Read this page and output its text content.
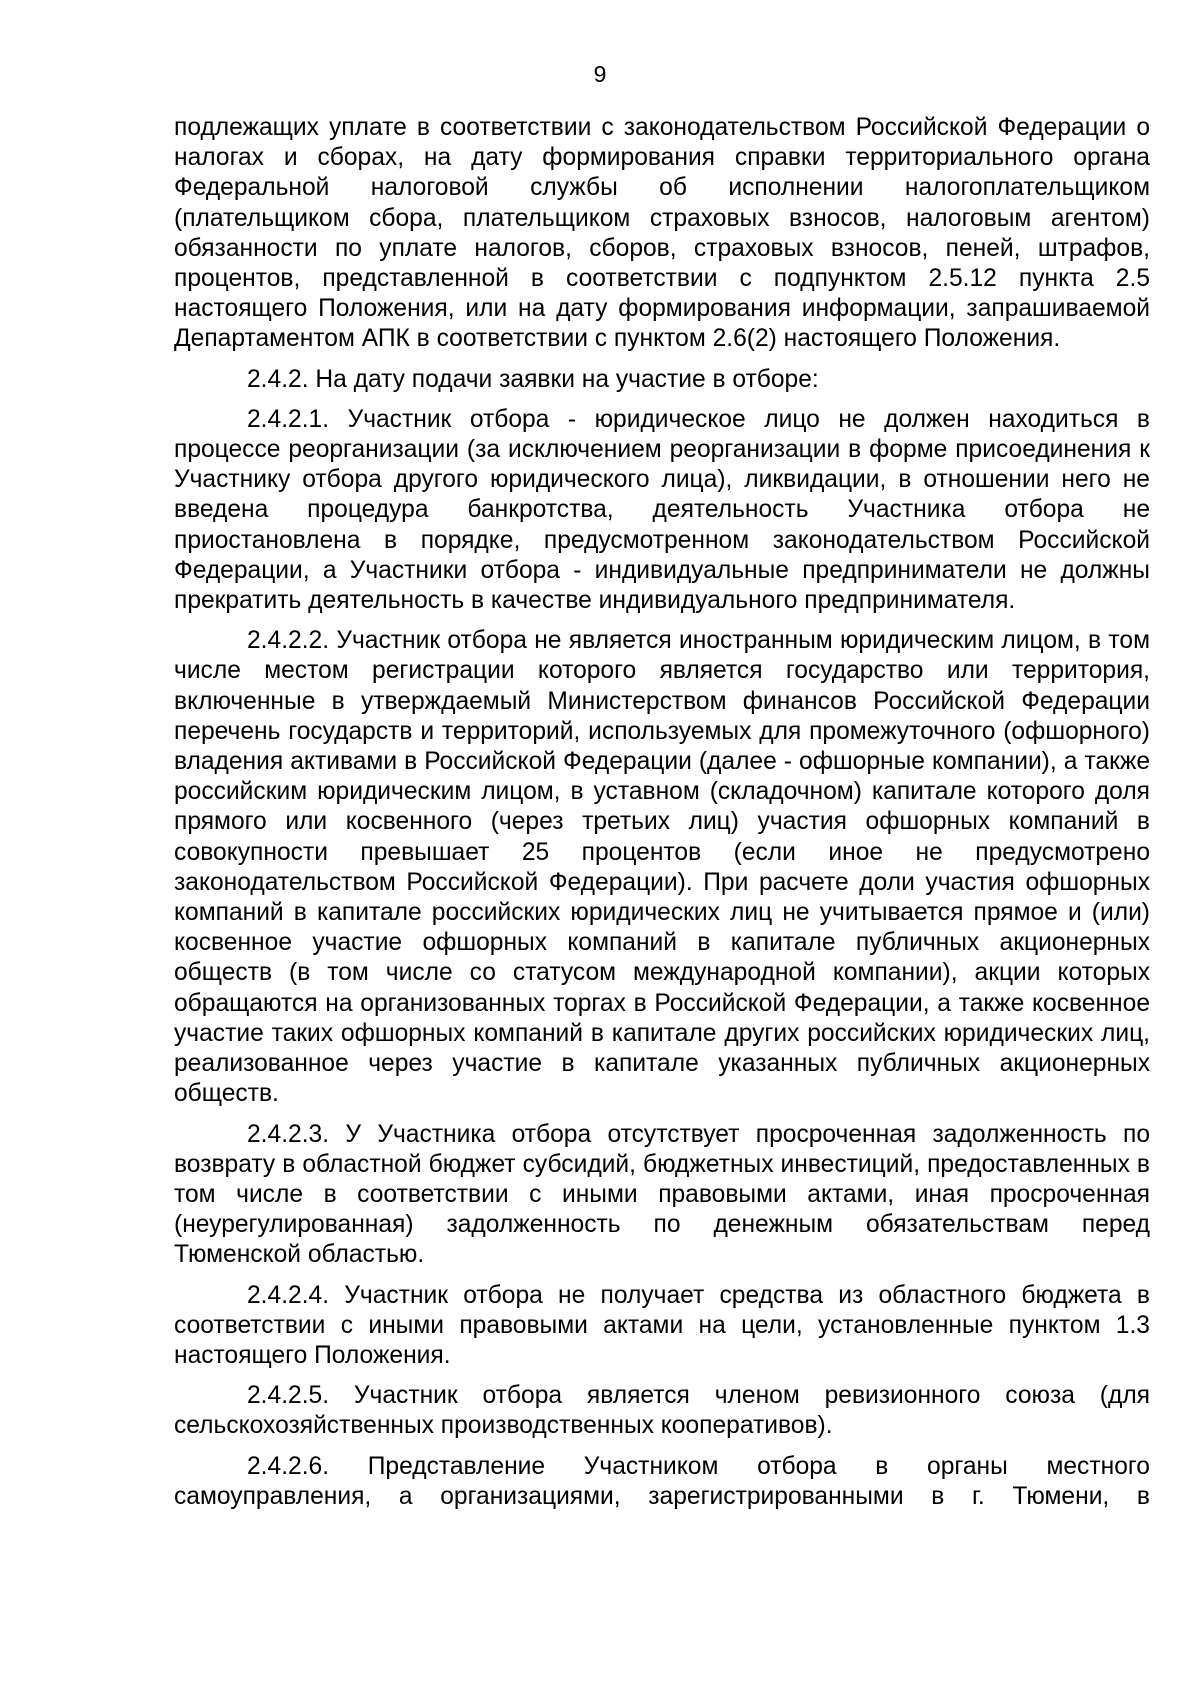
9

подлежащих уплате в соответствии с законодательством Российской Федерации о налогах и сборах, на дату формирования справки территориального органа Федеральной налоговой службы об исполнении налогоплательщиком (плательщиком сбора, плательщиком страховых взносов, налоговым агентом) обязанности по уплате налогов, сборов, страховых взносов, пеней, штрафов, процентов, представленной в соответствии с подпунктом 2.5.12 пункта 2.5 настоящего Положения, или на дату формирования информации, запрашиваемой Департаментом АПК в соответствии с пунктом 2.6(2) настоящего Положения.

2.4.2. На дату подачи заявки на участие в отборе:

2.4.2.1. Участник отбора - юридическое лицо не должен находиться в процессе реорганизации (за исключением реорганизации в форме присоединения к Участнику отбора другого юридического лица), ликвидации, в отношении него не введена процедура банкротства, деятельность Участника отбора не приостановлена в порядке, предусмотренном законодательством Российской Федерации, а Участники отбора - индивидуальные предприниматели не должны прекратить деятельность в качестве индивидуального предпринимателя.

2.4.2.2. Участник отбора не является иностранным юридическим лицом, в том числе местом регистрации которого является государство или территория, включенные в утверждаемый Министерством финансов Российской Федерации перечень государств и территорий, используемых для промежуточного (офшорного) владения активами в Российской Федерации (далее - офшорные компании), а также российским юридическим лицом, в уставном (складочном) капитале которого доля прямого или косвенного (через третьих лиц) участия офшорных компаний в совокупности превышает 25 процентов (если иное не предусмотрено законодательством Российской Федерации). При расчете доли участия офшорных компаний в капитале российских юридических лиц не учитывается прямое и (или) косвенное участие офшорных компаний в капитале публичных акционерных обществ (в том числе со статусом международной компании), акции которых обращаются на организованных торгах в Российской Федерации, а также косвенное участие таких офшорных компаний в капитале других российских юридических лиц, реализованное через участие в капитале указанных публичных акционерных обществ.

2.4.2.3. У Участника отбора отсутствует просроченная задолженность по возврату в областной бюджет субсидий, бюджетных инвестиций, предоставленных в том числе в соответствии с иными правовыми актами, иная просроченная (неурегулированная) задолженность по денежным обязательствам перед Тюменской областью.

2.4.2.4. Участник отбора не получает средства из областного бюджета в соответствии с иными правовыми актами на цели, установленные пунктом 1.3 настоящего Положения.

2.4.2.5. Участник отбора является членом ревизионного союза (для сельскохозяйственных производственных кооперативов).

2.4.2.6. Представление Участником отбора в органы местного самоуправления, а организациями, зарегистрированными в г. Тюмени, в
